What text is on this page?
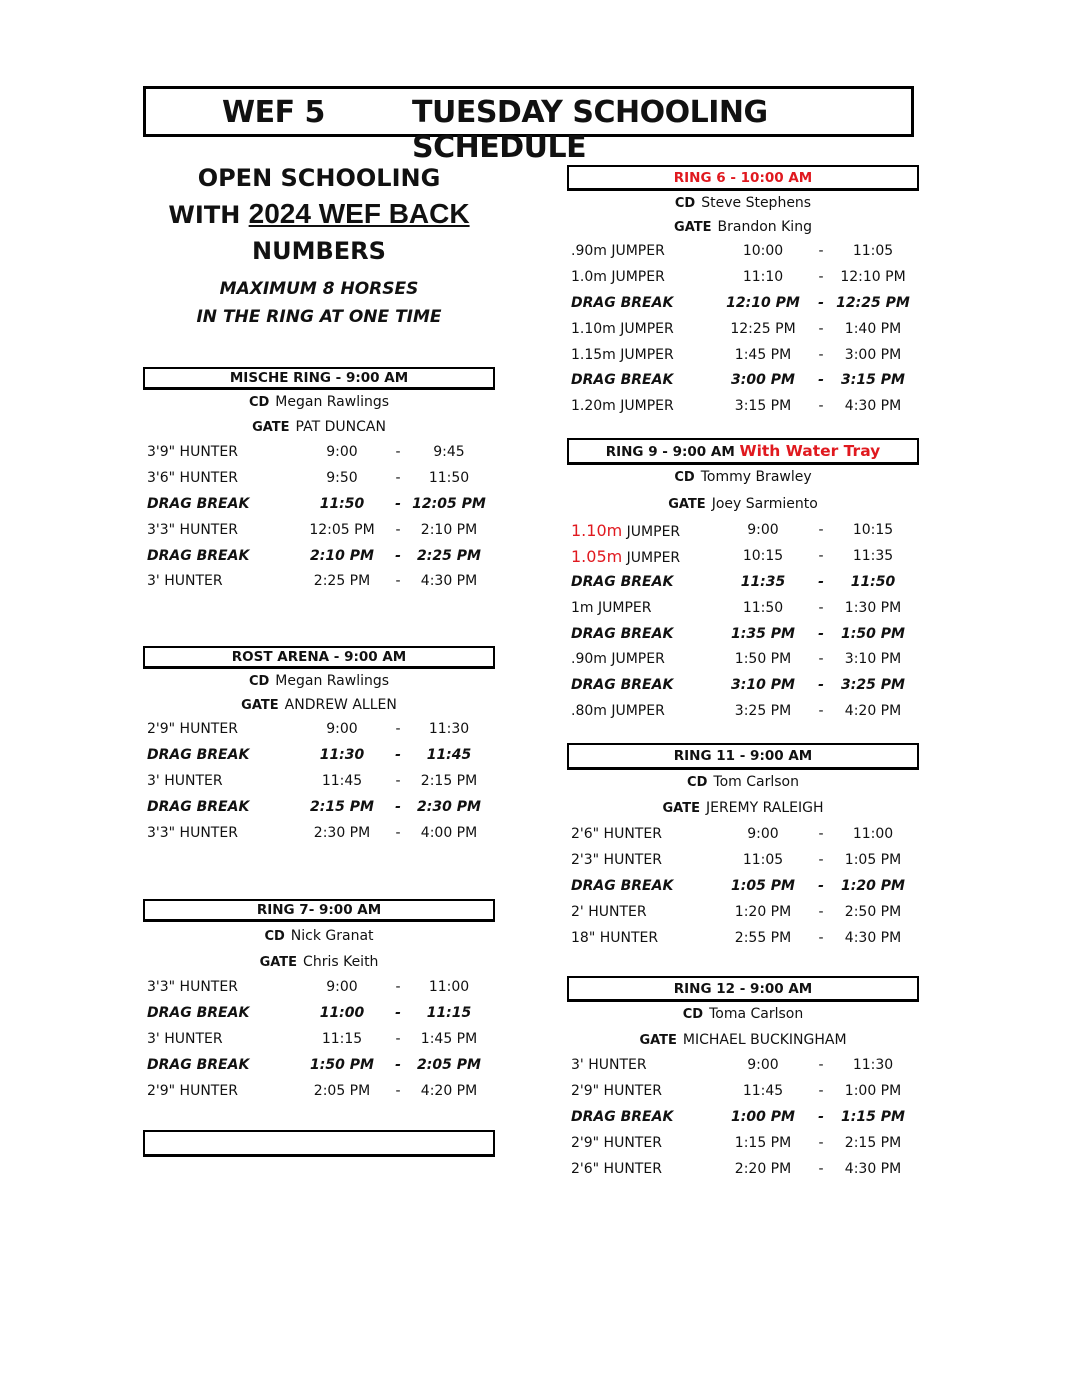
WEF 5	TUESDAY SCHOOLING SCHEDULE
OPEN SCHOOLING
WITH 2024 WEF BACK
NUMBERS
MAXIMUM 8 HORSES
IN THE RING AT ONE TIME
MISCHE RING - 9:00 AM
CD Megan Rawlings
GATE PAT DUNCAN
3'9" HUNTER	9:00	-	9:45
3'6" HUNTER	9:50	-	11:50
DRAG BREAK	11:50	- 12:05 PM
3'3" HUNTER	12:05 PM	-	2:10 PM
DRAG BREAK	2:10 PM	-	2:25 PM
3' HUNTER	2:25 PM	-	4:30 PM
ROST ARENA - 9:00 AM
CD Megan Rawlings
GATE ANDREW ALLEN
2'9" HUNTER	9:00	-	11:30
DRAG BREAK	11:30	-	11:45
3' HUNTER	11:45	-	2:15 PM
DRAG BREAK	2:15 PM	-	2:30 PM
3'3" HUNTER	2:30 PM	-	4:00 PM
RING 7- 9:00 AM
CD Nick Granat
GATE Chris Keith
3'3" HUNTER	9:00	-	11:00
DRAG BREAK	11:00	-	11:15
3' HUNTER	11:15	-	1:45 PM
DRAG BREAK	1:50 PM	-	2:05 PM
2'9" HUNTER	2:05 PM	-	4:20 PM
RING 6 - 10:00 AM
CD Steve Stephens
GATE Brandon King
.90m JUMPER	10:00	-	11:05
1.0m JUMPER	11:10	-	12:10 PM
DRAG BREAK	12:10 PM	- 12:25 PM
1.10m JUMPER	12:25 PM	-	1:40 PM
1.15m JUMPER	1:45 PM	-	3:00 PM
DRAG BREAK	3:00 PM	-	3:15 PM
1.20m JUMPER	3:15 PM	-	4:30 PM
RING 9 - 9:00 AM With Water Tray
CD Tommy Brawley
GATE Joey Sarmiento
1.10m JUMPER	9:00	-	10:15
1.05m JUMPER	10:15	-	11:35
DRAG BREAK	11:35	-	11:50
1m JUMPER	11:50	-	1:30 PM
DRAG BREAK	1:35 PM	-	1:50 PM
.90m JUMPER	1:50 PM	-	3:10 PM
DRAG BREAK	3:10 PM	-	3:25 PM
.80m JUMPER	3:25 PM	-	4:20 PM
RING 11 - 9:00 AM
CD Tom Carlson
GATE JEREMY RALEIGH
2'6" HUNTER	9:00	-	11:00
2'3" HUNTER	11:05	-	1:05 PM
DRAG BREAK	1:05 PM	-	1:20 PM
2' HUNTER	1:20 PM	-	2:50 PM
18" HUNTER	2:55 PM	-	4:30 PM
RING 12 - 9:00 AM
CD Toma Carlson
GATE MICHAEL BUCKINGHAM
3' HUNTER	9:00	-	11:30
2'9" HUNTER	11:45	-	1:00 PM
DRAG BREAK	1:00 PM	-	1:15 PM
2'9" HUNTER	1:15 PM	-	2:15 PM
2'6" HUNTER	2:20 PM	-	4:30 PM
